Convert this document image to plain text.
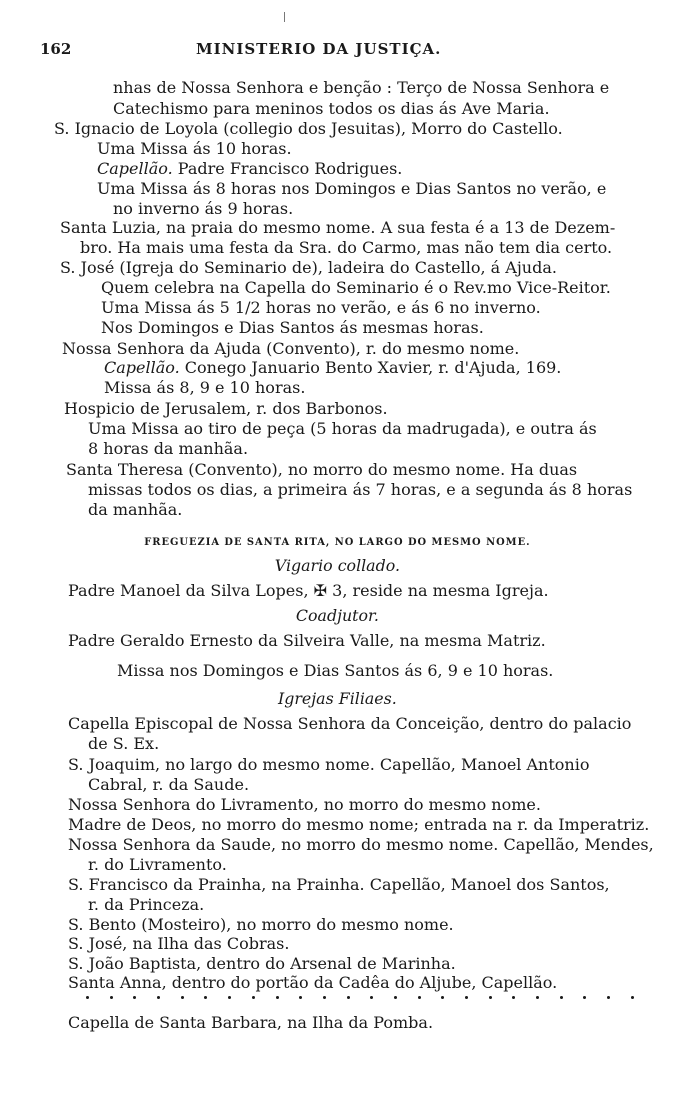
162	MINISTERIO DA JUSTIÇA.
nhas de Nossa Senhora e benção : Terço de Nossa Senhora e
Catechismo para meninos todos os dias ás Ave Maria.
S. Ignacio de Loyola (collegio dos Jesuitas), Morro do Castello.
Uma Missa ás 10 horas.
Capellão. Padre Francisco Rodrigues.
Uma Missa ás 8 horas nos Domingos e Dias Santos no verão, e
no inverno ás 9 horas.
Santa Luzia, na praia do mesmo nome. A sua festa é a 13 de Dezem-
bro. Ha mais uma festa da Sra. do Carmo, mas não tem dia certo.
S. José (Igreja do Seminario de), ladeira do Castello, á Ajuda.
Quem celebra na Capella do Seminario é o Rev.mo Vice-Reitor.
Uma Missa ás 5 1/2 horas no verão, e ás 6 no inverno.
Nos Domingos e Dias Santos ás mesmas horas.
Nossa Senhora da Ajuda (Convento), r. do mesmo nome.
Capellão. Conego Januario Bento Xavier, r. d'Ajuda, 169.
Missa ás 8, 9 e 10 horas.
Hospicio de Jerusalem, r. dos Barbonos.
Uma Missa ao tiro de peça (5 horas da madrugada), e outra ás
8 horas da manhãa.
Santa Theresa (Convento), no morro do mesmo nome. Ha duas
missas todos os dias, a primeira ás 7 horas, e a segunda ás 8 horas
da manhãa.
FREGUEZIA DE SANTA RITA, NO LARGO DO MESMO NOME.
Vigario collado.
Padre Manoel da Silva Lopes, ✠ 3, reside na mesma Igreja.
Coadjutor.
Padre Geraldo Ernesto da Silveira Valle, na mesma Matriz.
Missa nos Domingos e Dias Santos ás 6, 9 e 10 horas.
Igrejas Filiaes.
Capella Episcopal de Nossa Senhora da Conceição, dentro do palacio
de S. Ex.
S. Joaquim, no largo do mesmo nome. Capellão, Manoel Antonio
Cabral, r. da Saude.
Nossa Senhora do Livramento, no morro do mesmo nome.
Madre de Deos, no morro do mesmo nome; entrada na r. da Imperatriz.
Nossa Senhora da Saude, no morro do mesmo nome. Capellão, Mendes,
r. do Livramento.
S. Francisco da Prainha, na Prainha. Capellão, Manoel dos Santos,
r. da Princeza.
S. Bento (Mosteiro), no morro do mesmo nome.
S. José, na Ilha das Cobras.
S. João Baptista, dentro do Arsenal de Marinha.
Santa Anna, dentro do portão da Cadêa do Aljube, Capellão.
Capella de Santa Barbara, na Ilha da Pomba.
